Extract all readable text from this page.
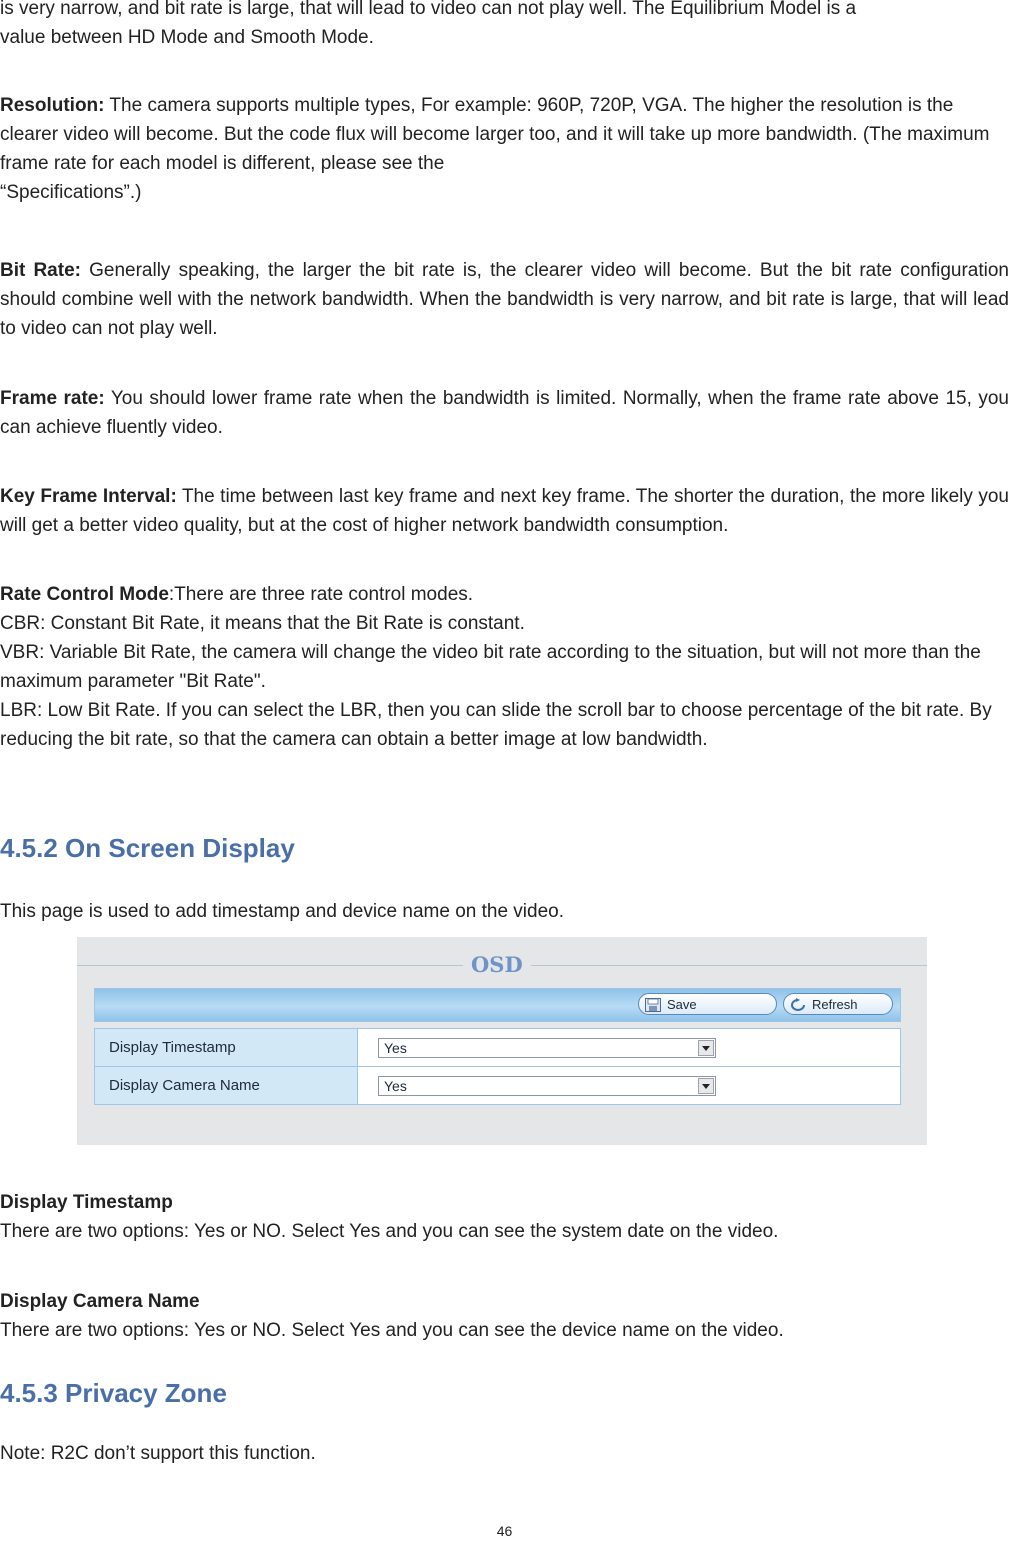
is very narrow, and bit rate is large, that will lead to video can not play well. The Equilibrium Model is a
value between HD Mode and Smooth Mode.
Resolution: The camera supports multiple types, For example: 960P, 720P, VGA. The higher the resolution is the clearer video will become. But the code flux will become larger too, and it will take up more bandwidth. (The maximum frame rate for each model is different, please see the
“Specifications”.)
Bit Rate: Generally speaking, the larger the bit rate is, the clearer video will become. But the bit rate configuration should combine well with the network bandwidth. When the bandwidth is very narrow, and bit rate is large, that will lead to video can not play well.
Frame rate: You should lower frame rate when the bandwidth is limited. Normally, when the frame rate above 15, you can achieve fluently video.
Key Frame Interval: The time between last key frame and next key frame. The shorter the duration, the more likely you will get a better video quality, but at the cost of higher network bandwidth consumption.
Rate Control Mode:There are three rate control modes.
CBR: Constant Bit Rate, it means that the Bit Rate is constant.
VBR: Variable Bit Rate, the camera will change the video bit rate according to the situation, but will not more than the maximum parameter "Bit Rate".
LBR: Low Bit Rate. If you can select the LBR, then you can slide the scroll bar to choose percentage of the bit rate. By reducing the bit rate, so that the camera can obtain a better image at low bandwidth.
4.5.2 On Screen Display
This page is used to add timestamp and device name on the video.
OSD
Save	Refresh
Display Timestamp	Yes
Display Camera Name	Yes
Display Timestamp
There are two options: Yes or NO. Select Yes and you can see the system date on the video.
Display Camera Name
There are two options: Yes or NO. Select Yes and you can see the device name on the video.
4.5.3 Privacy Zone
Note: R2C don’t support this function.
46
